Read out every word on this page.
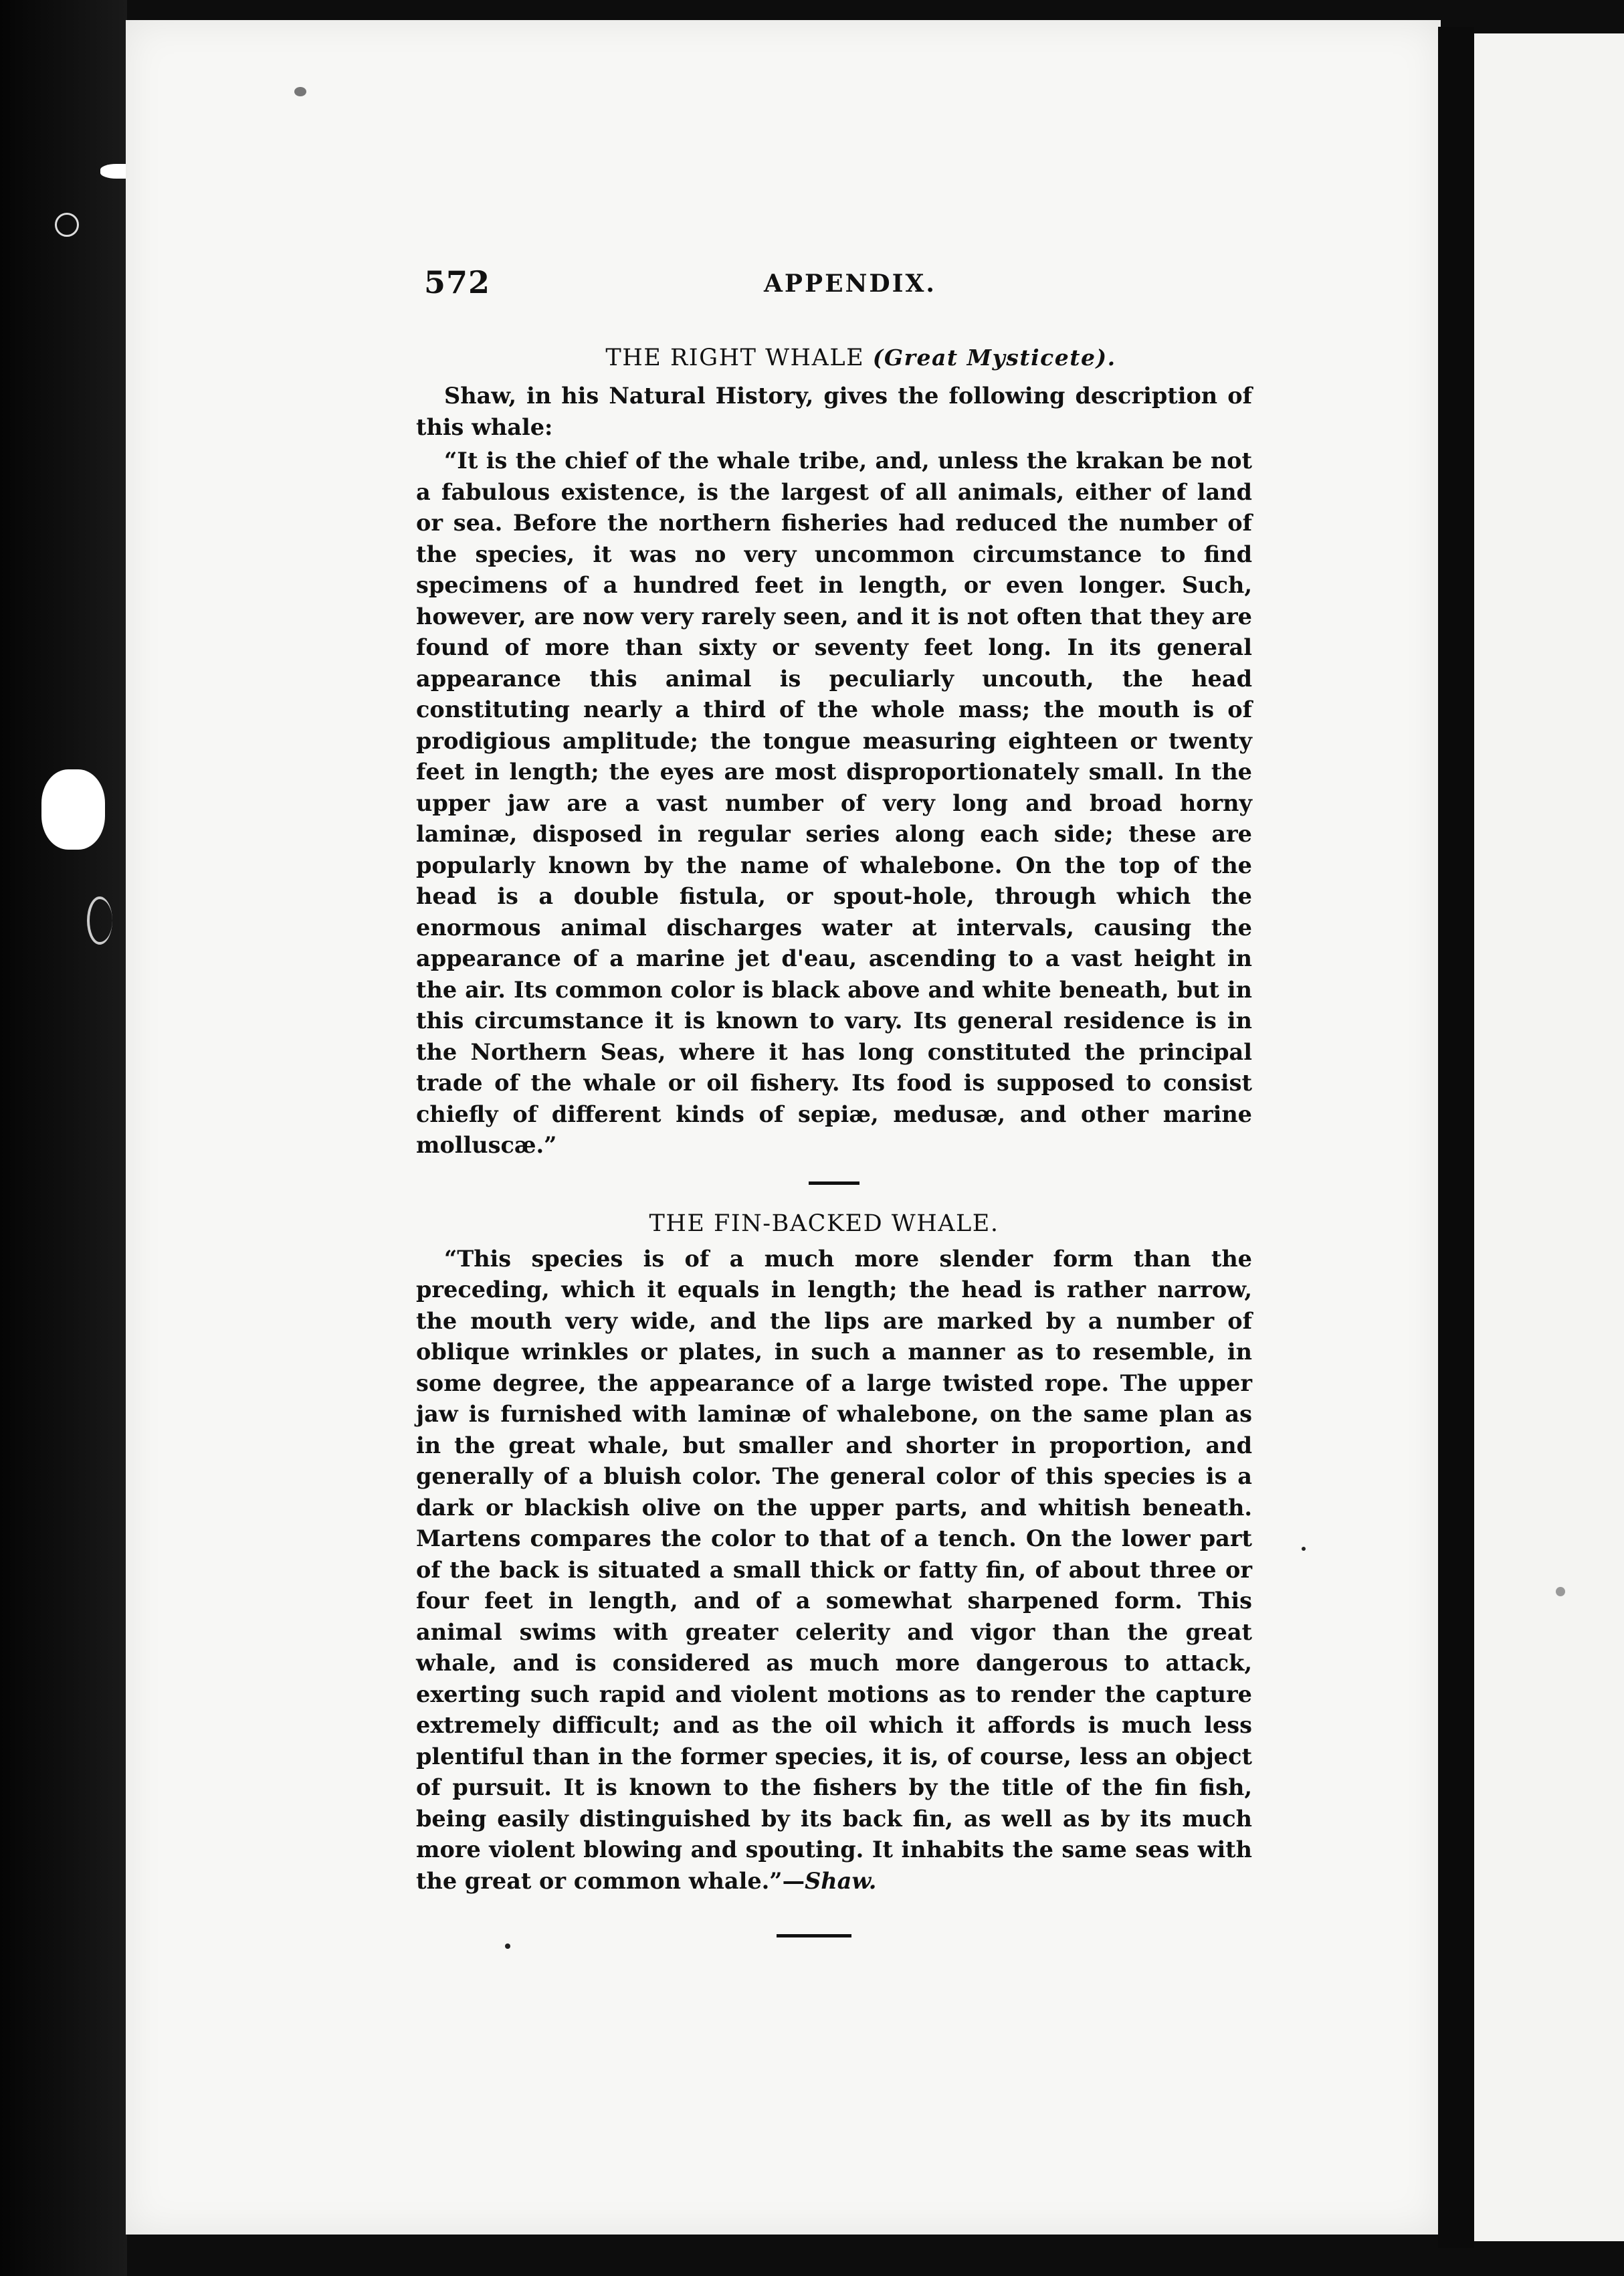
572	APPENDIX.
THE RIGHT WHALE (Great Mysticete).

Shaw, in his Natural History, gives the following description of this whale:

“It is the chief of the whale tribe, and, unless the krakan be not a fabulous existence, is the largest of all animals, either of land or sea. Before the northern fisheries had reduced the number of the species, it was no very uncommon circumstance to find specimens of a hundred feet in length, or even longer. Such, however, are now very rarely seen, and it is not often that they are found of more than sixty or seventy feet long. In its general appearance this animal is peculiarly uncouth, the head constituting nearly a third of the whole mass; the mouth is of prodigious amplitude; the tongue measuring eighteen or twenty feet in length; the eyes are most disproportionately small. In the upper jaw are a vast number of very long and broad horny laminæ, disposed in regular series along each side; these are popularly known by the name of whalebone. On the top of the head is a double fistula, or spout-hole, through which the enormous animal discharges water at intervals, causing the appearance of a marine jet d'eau, ascending to a vast height in the air. Its common color is black above and white beneath, but in this circumstance it is known to vary. Its general residence is in the Northern Seas, where it has long constituted the principal trade of the whale or oil fishery. Its food is supposed to consist chiefly of different kinds of sepiæ, medusæ, and other marine molluscæ.”

THE FIN-BACKED WHALE.

“This species is of a much more slender form than the preceding, which it equals in length; the head is rather narrow, the mouth very wide, and the lips are marked by a number of oblique wrinkles or plates, in such a manner as to resemble, in some degree, the appearance of a large twisted rope. The upper jaw is furnished with laminæ of whalebone, on the same plan as in the great whale, but smaller and shorter in proportion, and generally of a bluish color. The general color of this species is a dark or blackish olive on the upper parts, and whitish beneath. Martens compares the color to that of a tench. On the lower part of the back is situated a small thick or fatty fin, of about three or four feet in length, and of a somewhat sharpened form. This animal swims with greater celerity and vigor than the great whale, and is considered as much more dangerous to attack, exerting such rapid and violent motions as to render the capture extremely difficult; and as the oil which it affords is much less plentiful than in the former species, it is, of course, less an object of pursuit. It is known to the fishers by the title of the fin fish, being easily distinguished by its back fin, as well as by its much more violent blowing and spouting. It inhabits the same seas with the great or common whale.”—Shaw.
